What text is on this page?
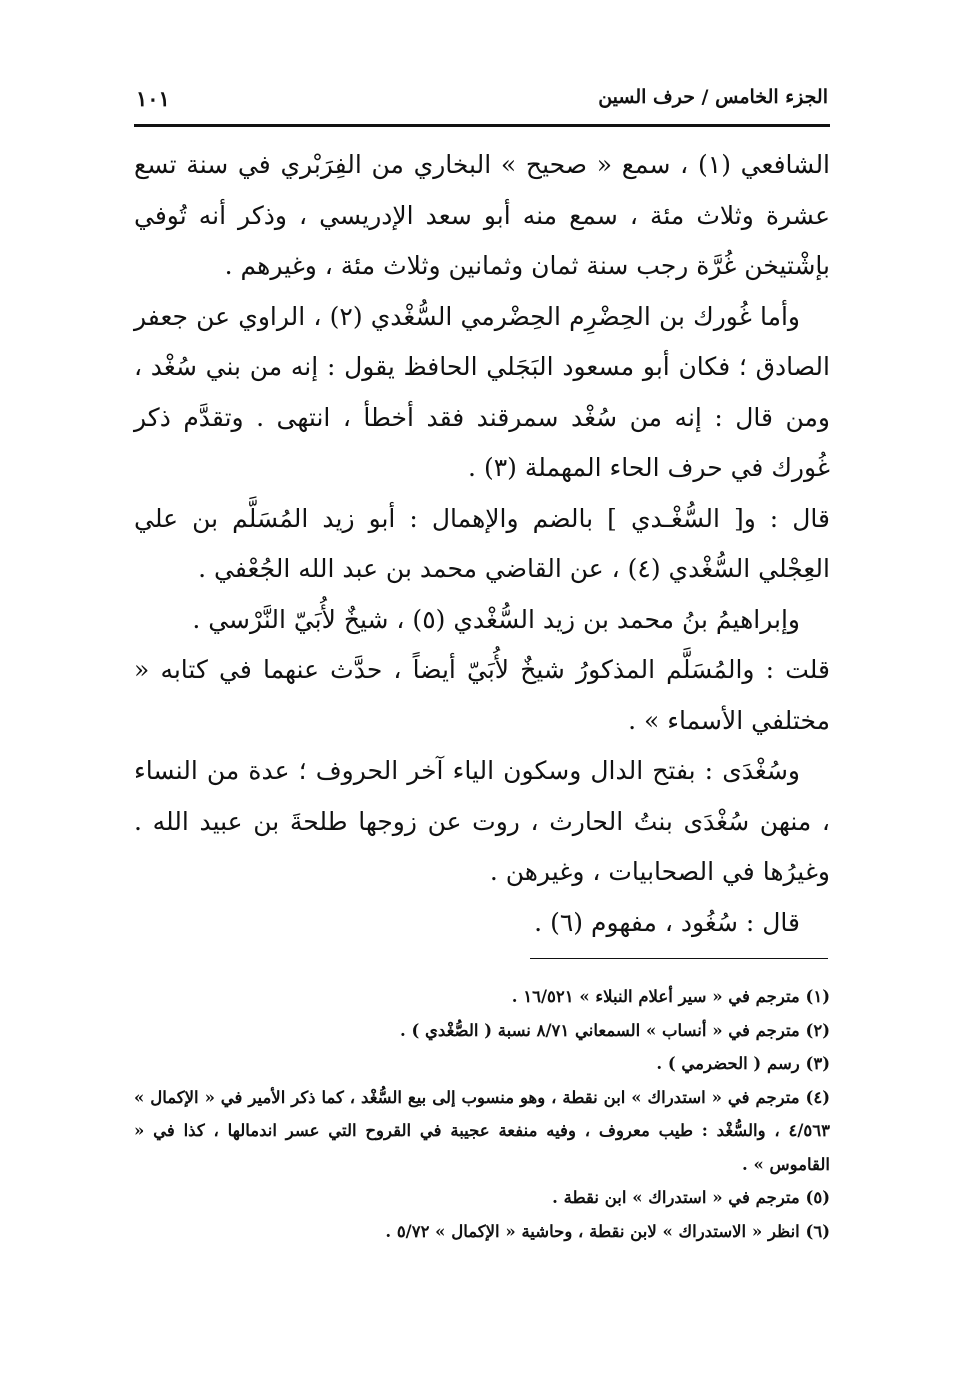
الجزء الخامس / حرف السين
١٠١

الشافعي (١) ، سمع « صحيح » البخاري من الفِرَبْري في سنة تسع عشرة وثلاث مئة ، سمع منه أبو سعد الإدريسي ، وذكر أنه تُوفي بإشْتيخن غُرَّة رجب سنة ثمان وثمانين وثلاث مئة ، وغيرهم .

وأما غُورك بن الحِضْرِم الحِضْرمي السُّغْدي (٢) ، الراوي عن جعفر الصادق ؛ فكان أبو مسعود البَجَلي الحافظ يقول : إنه من بني سُغْد ، ومن قال : إنه من سُغْد سمرقند فقد أخطأ ، انتهى . وتقدَّم ذكر غُورك في حرف الحاء المهملة (٣) .

قال : و[ السُّغْـدي ] بالضم والإهمال : أبو زيد المُسَلَّم بن علي العِجْلي السُّغْدي (٤) ، عن القاضي محمد بن عبد الله الجُعْفي .

وإبراهيمُ بنُ محمد بن زيد السُّغْدي (٥) ، شيخٌ لأُبَيّ النَّرْسي .

قلت : والمُسَلَّم المذكورُ شيخٌ لأُبَيّ أيضاً ، حدَّث عنهما في كتابه « مختلفي الأسماء » .

وسُغْدَى : بفتح الدال وسكون الياء آخر الحروف ؛ عدة من النساء ، منهن سُغْدَى بنتُ الحارث ، روت عن زوجها طلحةَ بن عبيد الله . وغيرُها في الصحابيات ، وغيرهن .

قال : سُغُود ، مفهوم (٦) .

(١) مترجم في « سير أعلام النبلاء » ١٦/٥٢١ .

(٢) مترجم في « أنساب » السمعاني ٨/٧١ نسبة ( الصُّغْدي ) .

(٣) رسم ( الحضرمي ) .

(٤) مترجم في « استدراك » ابن نقطة ، وهو منسوب إلى بيع السُّغْد ، كما ذكر الأمير في « الإكمال » ٤/٥٦٣ ، والسُّغْد : طيب معروف ، وفيه منفعة عجيبة في القروح التي عسر اندمالها ، كذا في « القاموس » .

(٥) مترجم في « استدراك » ابن نقطة .

(٦) انظر « الاستدراك » لابن نقطة ، وحاشية « الإكمال » ٥/٧٢ .
